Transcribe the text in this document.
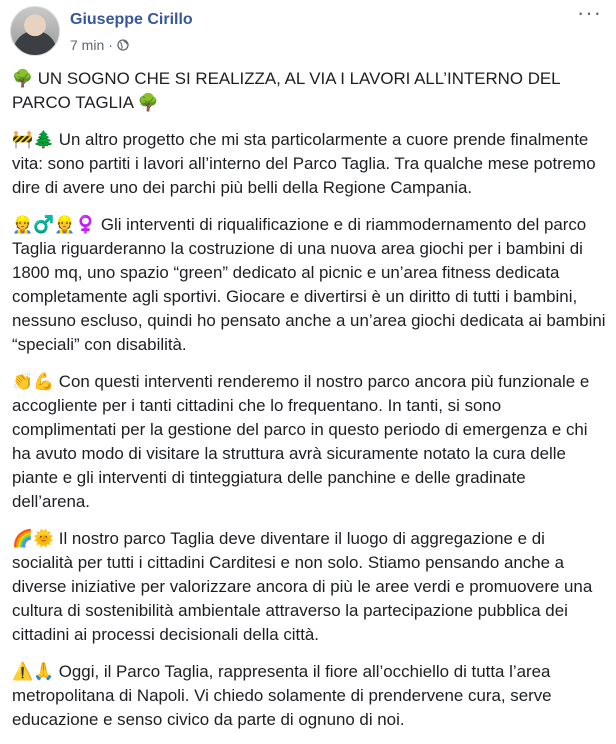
Giuseppe Cirillo
7 min ·
···

🌳 UN SOGNO CHE SI REALIZZA, AL VIA I LAVORI ALL’INTERNO DEL PARCO TAGLIA 🌳

🚧🌲 Un altro progetto che mi sta particolarmente a cuore prende finalmente vita: sono partiti i lavori all’interno del Parco Taglia. Tra qualche mese potremo dire di avere uno dei parchi più belli della Regione Campania.

👷♂️👷♀️ Gli interventi di riqualificazione e di riammodernamento del parco Taglia riguarderanno la costruzione di una nuova area giochi per i bambini di 1800 mq, uno spazio “green” dedicato al picnic e un’area fitness dedicata completamente agli sportivi. Giocare e divertirsi è un diritto di tutti i bambini, nessuno escluso, quindi ho pensato anche a un’area giochi dedicata ai bambini “speciali” con disabilità.

👏💪 Con questi interventi renderemo il nostro parco ancora più funzionale e accogliente per i tanti cittadini che lo frequentano. In tanti, si sono complimentati per la gestione del parco in questo periodo di emergenza e chi ha avuto modo di visitare la struttura avrà sicuramente notato la cura delle piante e gli interventi di tinteggiatura delle panchine e delle gradinate dell’arena.

🌈🌞 Il nostro parco Taglia deve diventare il luogo di aggregazione e di socialità per tutti i cittadini Carditesi e non solo. Stiamo pensando anche a diverse iniziative per valorizzare ancora di più le aree verdi e promuovere una cultura di sostenibilità ambientale attraverso la partecipazione pubblica dei cittadini ai processi decisionali della città.

⚠️🙏 Oggi, il Parco Taglia, rappresenta il fiore all’occhiello di tutta l’area metropolitana di Napoli. Vi chiedo solamente di prendervene cura, serve educazione e senso civico da parte di ognuno di noi.
